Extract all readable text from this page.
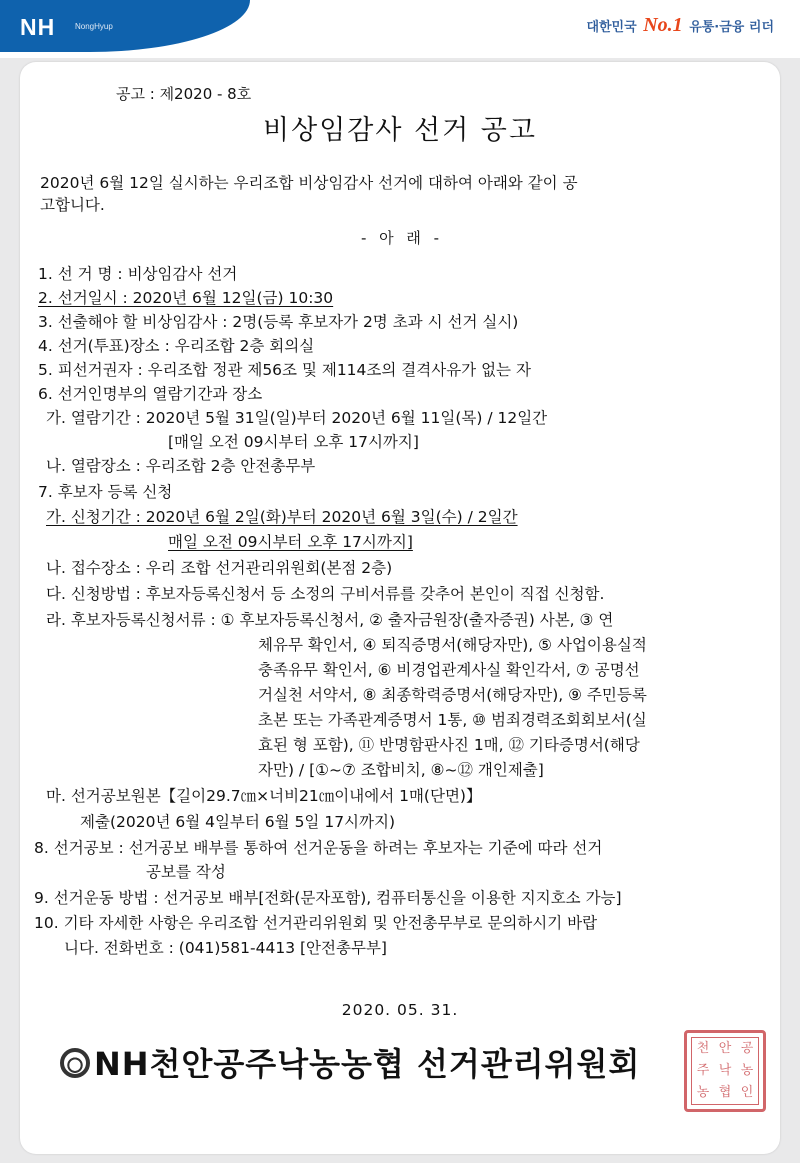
NH NongHyup	대한민국 No.1 유통·금융 리더
공고 : 제2020 - 8호
비상임감사 선거 공고
2020년 6월 12일 실시하는 우리조합 비상임감사 선거에 대하여 아래와 같이 공
고합니다.
- 아 래 -
1. 선 거 명 : 비상임감사 선거
2. 선거일시 : 2020년 6월 12일(금) 10:30
3. 선출해야 할 비상임감사 : 2명(등록 후보자가 2명 초과 시 선거 실시)
4. 선거(투표)장소 : 우리조합 2층 회의실
5. 피선거권자 : 우리조합 정관 제56조 및 제114조의 결격사유가 없는 자
6. 선거인명부의 열람기간과 장소
가. 열람기간 : 2020년 5월 31일(일)부터 2020년 6월 11일(목) / 12일간
[매일 오전 09시부터 오후 17시까지]
나. 열람장소 : 우리조합 2층 안전총무부
7. 후보자 등록 신청
가. 신청기간 : 2020년 6월 2일(화)부터 2020년 6월 3일(수) / 2일간
매일 오전 09시부터 오후 17시까지]
나. 접수장소 : 우리 조합 선거관리위원회(본점 2층)
다. 신청방법 : 후보자등록신청서 등 소정의 구비서류를 갖추어 본인이 직접 신청함.
라. 후보자등록신청서류 : ① 후보자등록신청서, ② 출자금원장(출자증권) 사본, ③ 연
체유무 확인서, ④ 퇴직증명서(해당자만), ⑤ 사업이용실적
충족유무 확인서, ⑥ 비경업관계사실 확인각서, ⑦ 공명선
거실천 서약서, ⑧ 최종학력증명서(해당자만), ⑨ 주민등록
초본 또는 가족관계증명서 1통, ⑩ 범죄경력조회회보서(실
효된 형 포함), ⑪ 반명함판사진 1매, ⑫ 기타증명서(해당
자만) / [①~⑦ 조합비치, ⑧~⑫ 개인제출]
마. 선거공보원본【길이29.7㎝×너비21㎝이내에서 1매(단면)】
제출(2020년 6월 4일부터 6월 5일 17시까지)
8. 선거공보 : 선거공보 배부를 통하여 선거운동을 하려는 후보자는 기준에 따라 선거
공보를 작성
9. 선거운동 방법 : 선거공보 배부[전화(문자포함), 컴퓨터통신을 이용한 지지호소 가능]
10. 기타 자세한 사항은 우리조합 선거관리위원회 및 안전총무부로 문의하시기 바랍
니다. 전화번호 : (041)581-4413 [안전총무부]
2020. 05. 31.
NH천안공주낙농농협 선거관리위원회	천 안 공
주 낙 농
농 협 인
